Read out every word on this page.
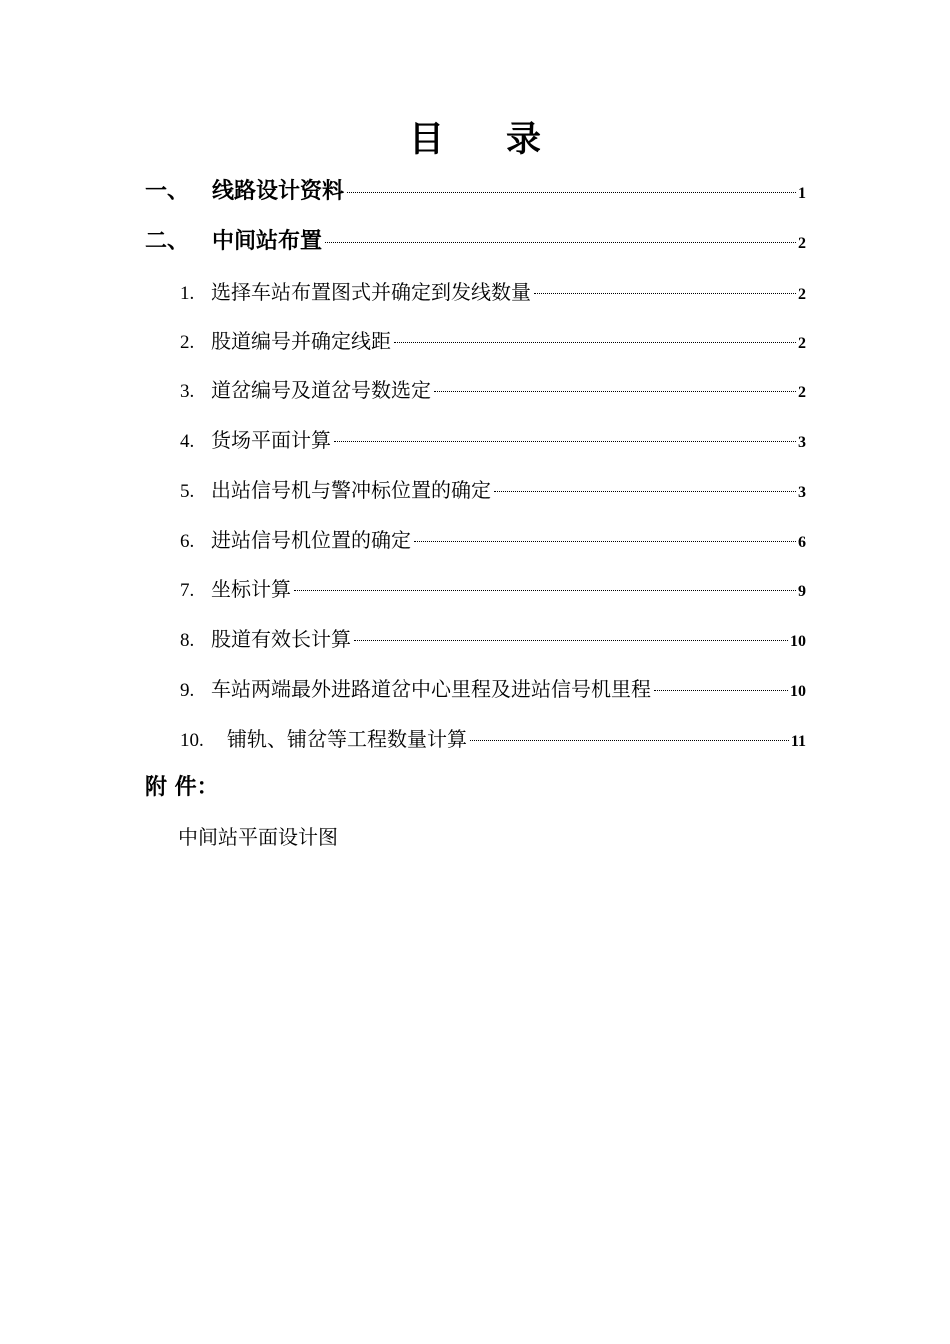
目 录
一、	线路设计资料	1
二、	中间站布置	2
1. 选择车站布置图式并确定到发线数量	2
2. 股道编号并确定线距	2
3. 道岔编号及道岔号数选定	2
4. 货场平面计算	3
5. 出站信号机与警冲标位置的确定	3
6. 进站信号机位置的确定	6
7. 坐标计算	9
8. 股道有效长计算	10
9. 车站两端最外进路道岔中心里程及进站信号机里程	10
10.	铺轨、铺岔等工程数量计算	11
附 件：
中间站平面设计图
